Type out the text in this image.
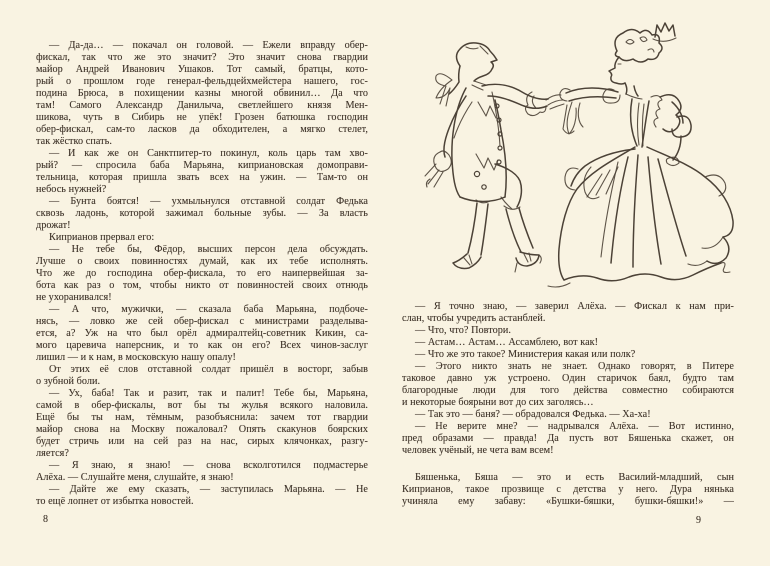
— Да-да… — покачал он головой. — Ежели вправду обер-
фискал, так что же это значит? Это значит снова гвардии
майор Андрей Иванович Ушаков. Тот самый, братцы, кото-
рый о прошлом годе генерал-фельдцейхмейстера нашего, гос-
подина Брюса, в похищении казны многой обвинил… Да что
там! Самого Александр Данилыча, светлейшего князя Мен-
шикова, чуть в Сибирь не упёк! Грозен батюшка господин
обер-фискал, сам-то ласков да обходителен, а мягко стелет,
так жёстко спать.
— И как же он Санктпитер-то покинул, коль царь там хво-
рый? — спросила баба Марьяна, киприановская домоправи-
тельница, которая пришла звать всех на ужин. — Там-то он
небось нужней?
— Бунта боятся! — ухмыльнулся отставной солдат Федька
сквозь ладонь, которой зажимал больные зубы. — За власть
дрожат!
Киприанов прервал его:
— Не тебе бы, Фёдор, высших персон дела обсуждать.
Лучше о своих повинностях думай, как их тебе исполнять.
Что же до господина обер-фискала, то его наипервейшая за-
бота как раз о том, чтобы никто от повинностей своих отнюдь
не ухоранивался!
— А что, мужички, — сказала баба Марьяна, подбоче-
нясь, — ловко же сей обер-фискал с министрами разделыва-
ется, а? Уж на что был орёл адмиралтейц-советник Кикин, са-
мого царевича наперсник, и то как он его? Всех чинов-заслуг
лишил — и к нам, в московскую нашу опалу!
От этих её слов отставной солдат пришёл в восторг, забыв
о зубной боли.
— Ух, баба! Так и разит, так и палит! Тебе бы, Марьяна,
самой в обер-фискалы, вот бы ты жулья всякого наловила.
Ещё бы ты нам, тёмным, разобъяснила: зачем тот гвардии
майор снова на Москву пожаловал? Опять скакунов боярских
будет стричь или на сей раз на нас, сирых клячонках, разгу-
ляется?
— Я знаю, я знаю! — снова всколготился подмастерье
Алёха. — Слушайте меня, слушайте, я знаю!
— Дайте же ему сказать, — заступилась Марьяна. — Не
то ещё лопнет от избытка новостей.
— Я точно знаю, — заверил Алёха. — Фискал к нам при-
слан, чтобы учредить астанблей.
— Что, что? Повтори.
— Астам… Астам… Ассамблею, вот как!
— Что же это такое? Министерия какая или полк?
— Этого никто знать не знает. Однако говорят, в Питере
таковое давно уж устроено. Один старичок баял, будто там
благородные люди для того действа совместно собираются
и некоторые боярыни вот до сих заголясь…
— Так это — баня? — обрадовался Федька. — Ха-ха!
— Не верите мне? — надрывался Алёха. — Вот истинно,
пред образами — правда! Да пусть вот Бяшенька скажет, он
человек учёный, не чета вам всем!
Бяшенька, Бяша — это и есть Василий-младший, сын
Киприанов, такое прозвище с детства у него. Дура нянька
учиняла ему забаву: «Бушки-бяшки, бушки-бяшки!» —
8	9
